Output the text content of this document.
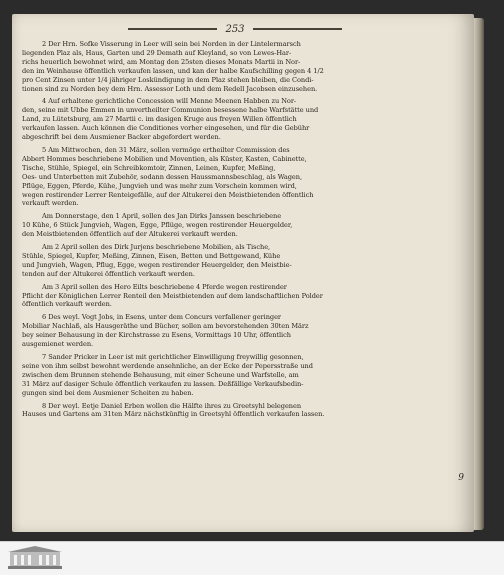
253
2 Der Hrn. Sofke Visserung in Leer will sein bei Norden in der Lintelermarsch
liegenden Plaz als, Haus, Garten und 29 Demath auf Kleyland, so von Lewes-Har-
richs heuerlich bewohnet wird, am Montag den 25sten dieses Monats Martii in Nor-
den im Weinhause öffentlich verkaufen lassen, und kan der halbe Kaufschilling gegen 4 1/2
pro Cent Zinsen unter 1/4 jähriger Loskündigung in dem Plaz stehen bleiben, die Condi-
tionen sind zu Norden bey dem Hrn. Assessor Loth und dem Redell Jacobsen einzusehen.
4 Auf erhaltene gerichtliche Concession will Menne Meenen Habben zu Nor-
den, seine mit Ubbe Emmen in unvertheilter Communion besessene halbe Warfstätte und
Land, zu Lütetsburg, am 27 Martii c. im dasigen Kruge aus freyen Willen öffentlich
verkaufen lassen. Auch können die Conditiones vorher eingesehen, und für die Gebühr
abgeschrift bei dem Ausmiener Backer abgefordert werden.
5 Am Mittwochen, den 31 März, sollen vermöge ertheilter Commission des
Abbert Hommes beschriebene Mobilien und Moventien, als Küster, Kasten, Cabinette,
Tische, Stühle, Spiegel, ein Schreibkomtoir, Zinnen, Leinen, Kupfer, Meßing,
Oes- und Unterbetten mit Zubehör, sodann dessen Haussmannsbeschlag, als Wagen,
Pflüge, Eggen, Pferde, Kühe, Jungvieh und was mehr zum Vorschein kommen wird,
wegen restirender Lerrer Renteigefälle, auf der Altukerei den Meistbietenden öffentlich
verkauft werden.
Am Donnerstage, den 1 April, sollen des Jan Dirks Janssen beschriebene
10 Kühe, 6 Stück Jungvieh, Wagen, Egge, Pflüge, wegen restirender Heuergelder,
den Meistbietenden öffentlich auf der Altukerei verkauft werden.
Am 2 April sollen des Dirk Jurjens beschriebene Mobilien, als Tische,
Stühle, Spiegel, Kupfer, Meßing, Zinnen, Eisen, Betten und Bettgewand, Kühe
und Jungvieh, Wagen, Pflug, Egge, wegen restirender Heuergelder, den Meistbie-
tenden auf der Altukerei öffentlich verkauft werden.
Am 3 April sollen des Hero Eilts beschriebene 4 Pferde wegen restirender
Pflicht der Königlichen Lerrer Renteil den Meistbietenden auf dem landschaftlichen Polder
öffentlich verkauft werden.
6 Des weyl. Vogt Jobs, in Esens, unter dem Concurs verfallener geringer
Mobiliar Nachlaß, als Hausgeräthe und Bücher, sollen am bevorstehenden 30ten März
bey seiner Behausung in der Kirchstrasse zu Esens, Vormittags 10 Uhr, öffentlich
ausgemienet werden.
7 Sander Pricker in Leer ist mit gerichtlicher Einwilligung freywillig gesonnen,
seine von ihm selbst bewohnt werdende ansehnliche, an der Ecke der Pepersstraße und
zwischen dem Brunnen stehende Behausung, mit einer Scheune und Warfstelle, am
31 März auf dasiger Schule öffentlich verkaufen zu lassen. Deßfällige Verkaufsbedin-
gungen sind bei dem Ausmiener Scheiten zu haben.
8 Der weyl. Eetje Daniel Erben wollen die Hälfte ihres zu Greetsyhl belegenen
Hauses und Gartens am 31ten März nächstkünftig in Greetsyhl öffentlich verkaufen lassen.
9
